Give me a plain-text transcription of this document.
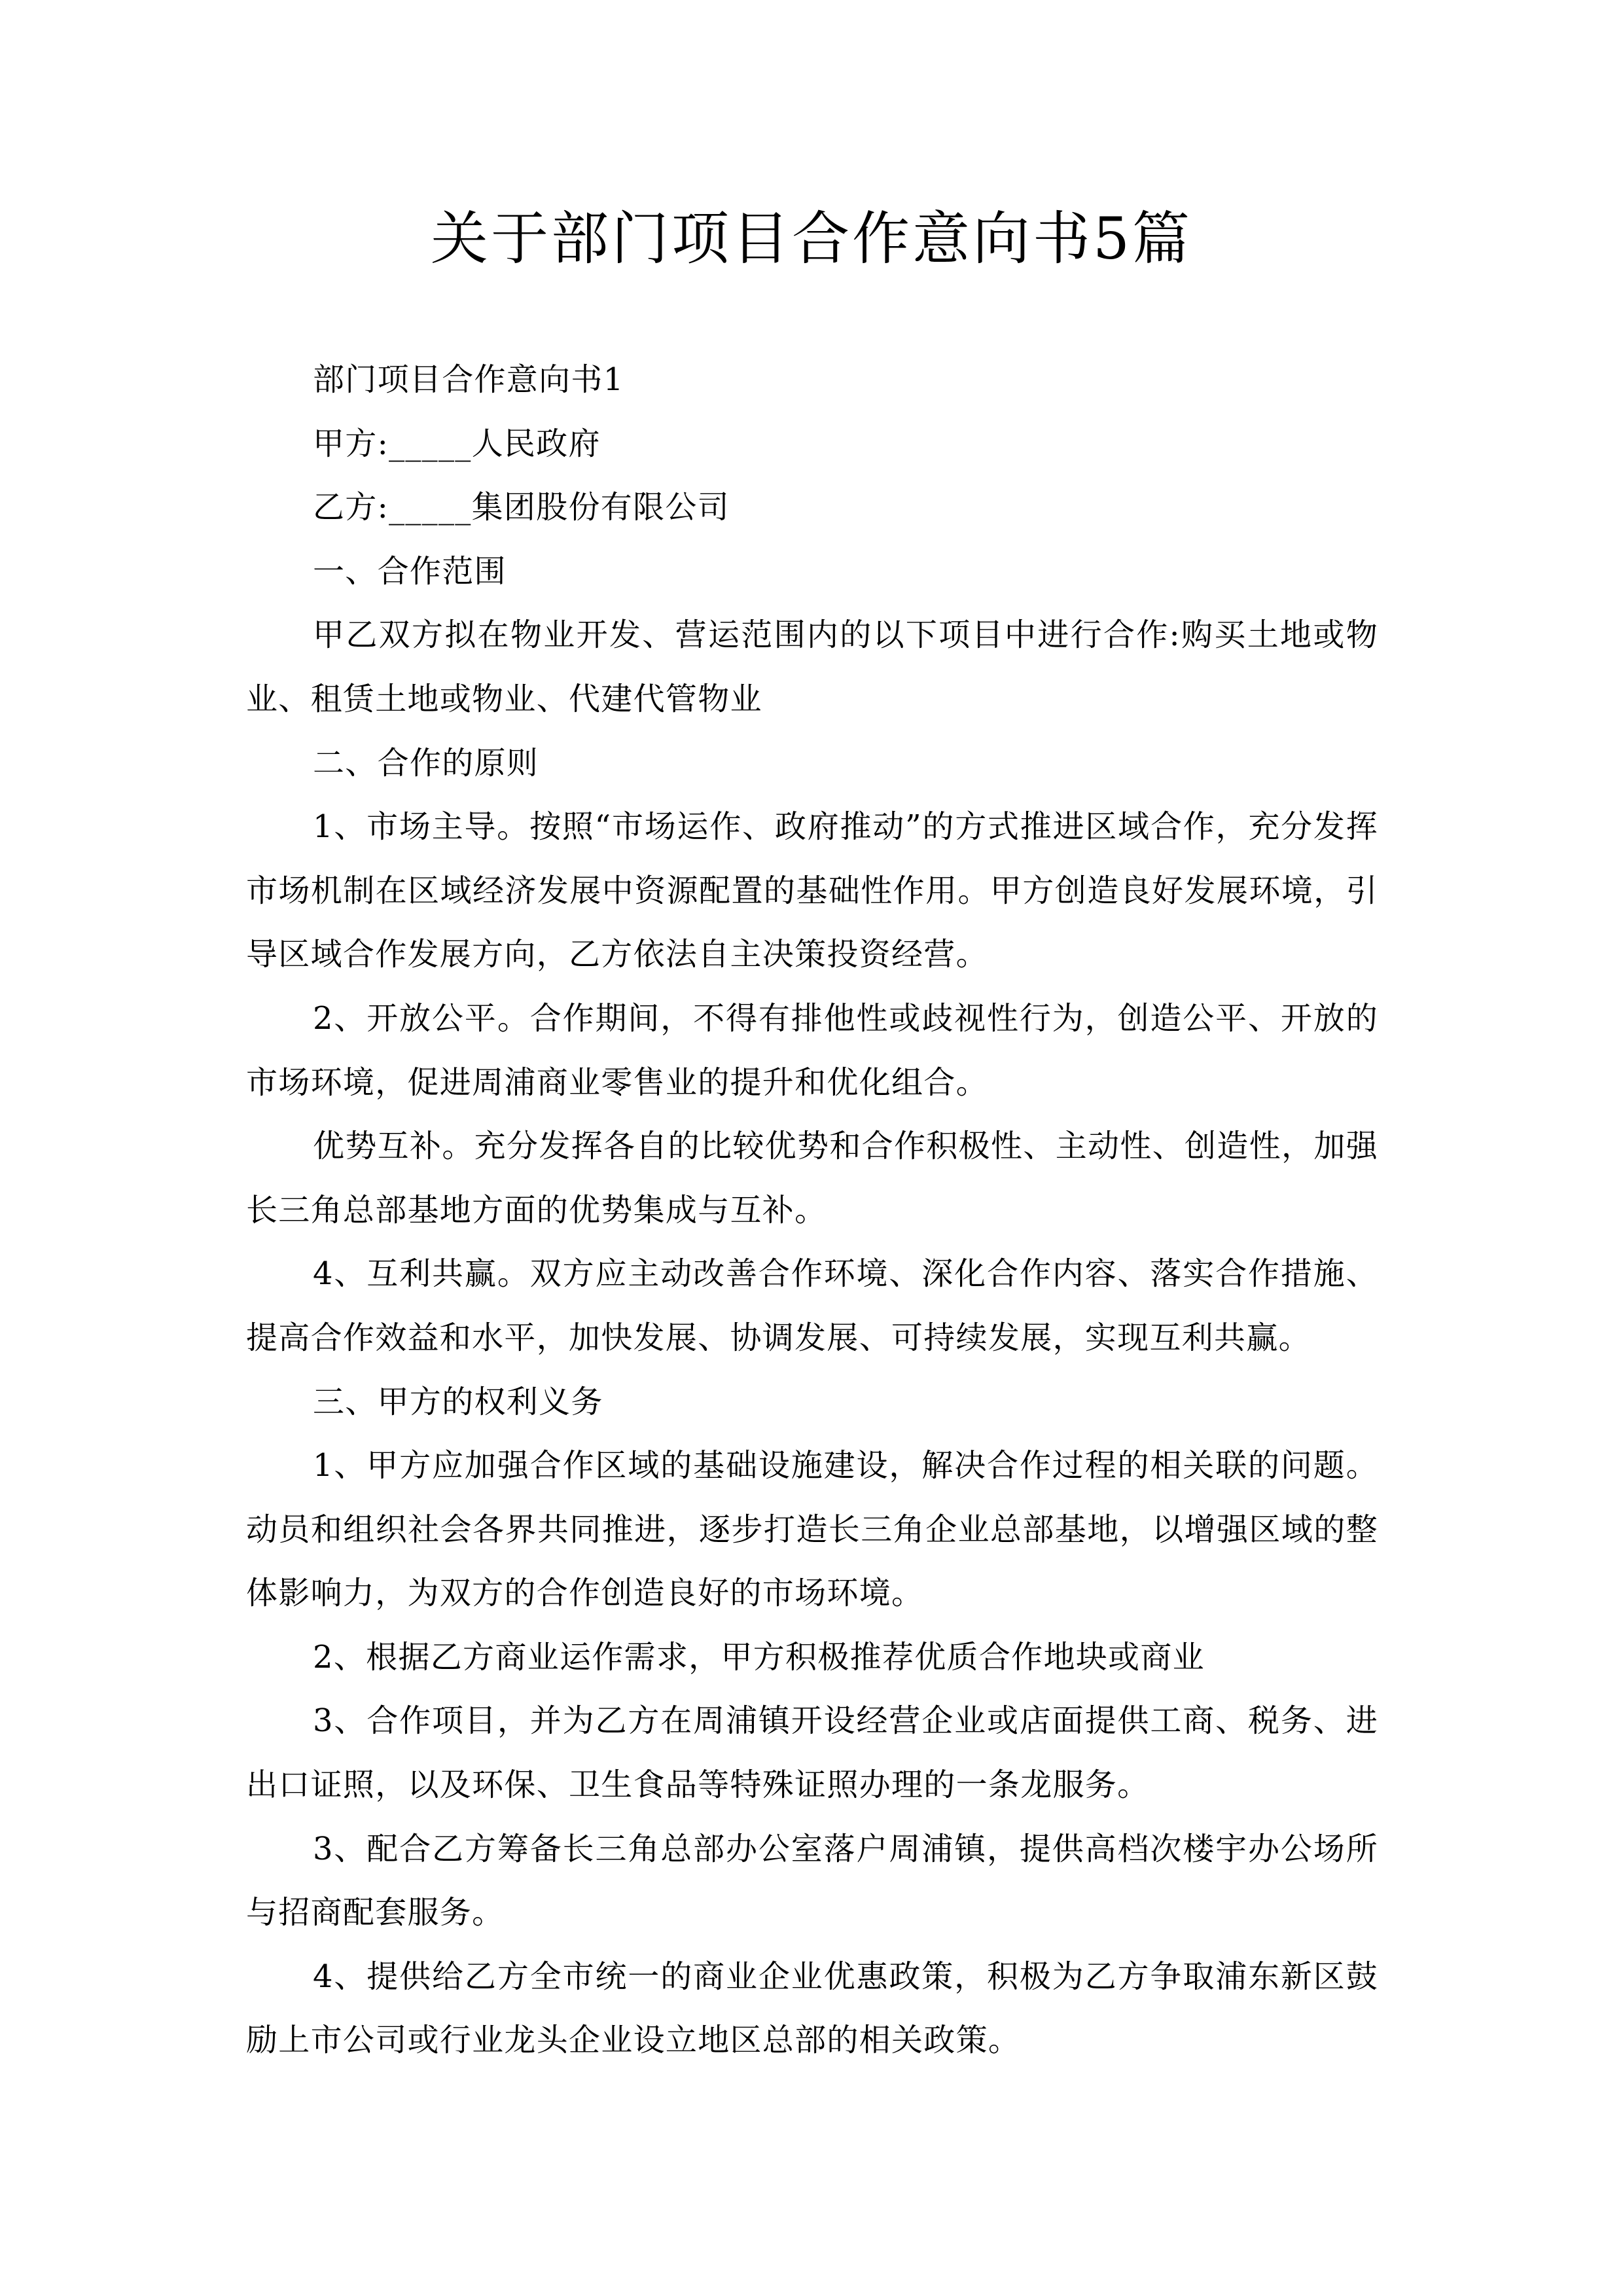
关于部门项目合作意向书5篇

部门项目合作意向书1

甲方:_____人民政府

乙方:_____集团股份有限公司

一、合作范围

甲乙双方拟在物业开发、营运范围内的以下项目中进行合作:购买土地或物业、租赁土地或物业、代建代管物业

二、合作的原则

1、市场主导。按照“市场运作、政府推动”的方式推进区域合作，充分发挥市场机制在区域经济发展中资源配置的基础性作用。甲方创造良好发展环境，引导区域合作发展方向，乙方依法自主决策投资经营。

2、开放公平。合作期间，不得有排他性或歧视性行为，创造公平、开放的市场环境，促进周浦商业零售业的提升和优化组合。

优势互补。充分发挥各自的比较优势和合作积极性、主动性、创造性，加强长三角总部基地方面的优势集成与互补。

4、互利共赢。双方应主动改善合作环境、深化合作内容、落实合作措施、提高合作效益和水平，加快发展、协调发展、可持续发展，实现互利共赢。

三、甲方的权利义务

1、甲方应加强合作区域的基础设施建设，解决合作过程的相关联的问题。动员和组织社会各界共同推进，逐步打造长三角企业总部基地，以增强区域的整体影响力，为双方的合作创造良好的市场环境。

2、根据乙方商业运作需求，甲方积极推荐优质合作地块或商业

3、合作项目，并为乙方在周浦镇开设经营企业或店面提供工商、税务、进出口证照，以及环保、卫生食品等特殊证照办理的一条龙服务。

3、配合乙方筹备长三角总部办公室落户周浦镇，提供高档次楼宇办公场所与招商配套服务。

4、提供给乙方全市统一的商业企业优惠政策，积极为乙方争取浦东新区鼓励上市公司或行业龙头企业设立地区总部的相关政策。
